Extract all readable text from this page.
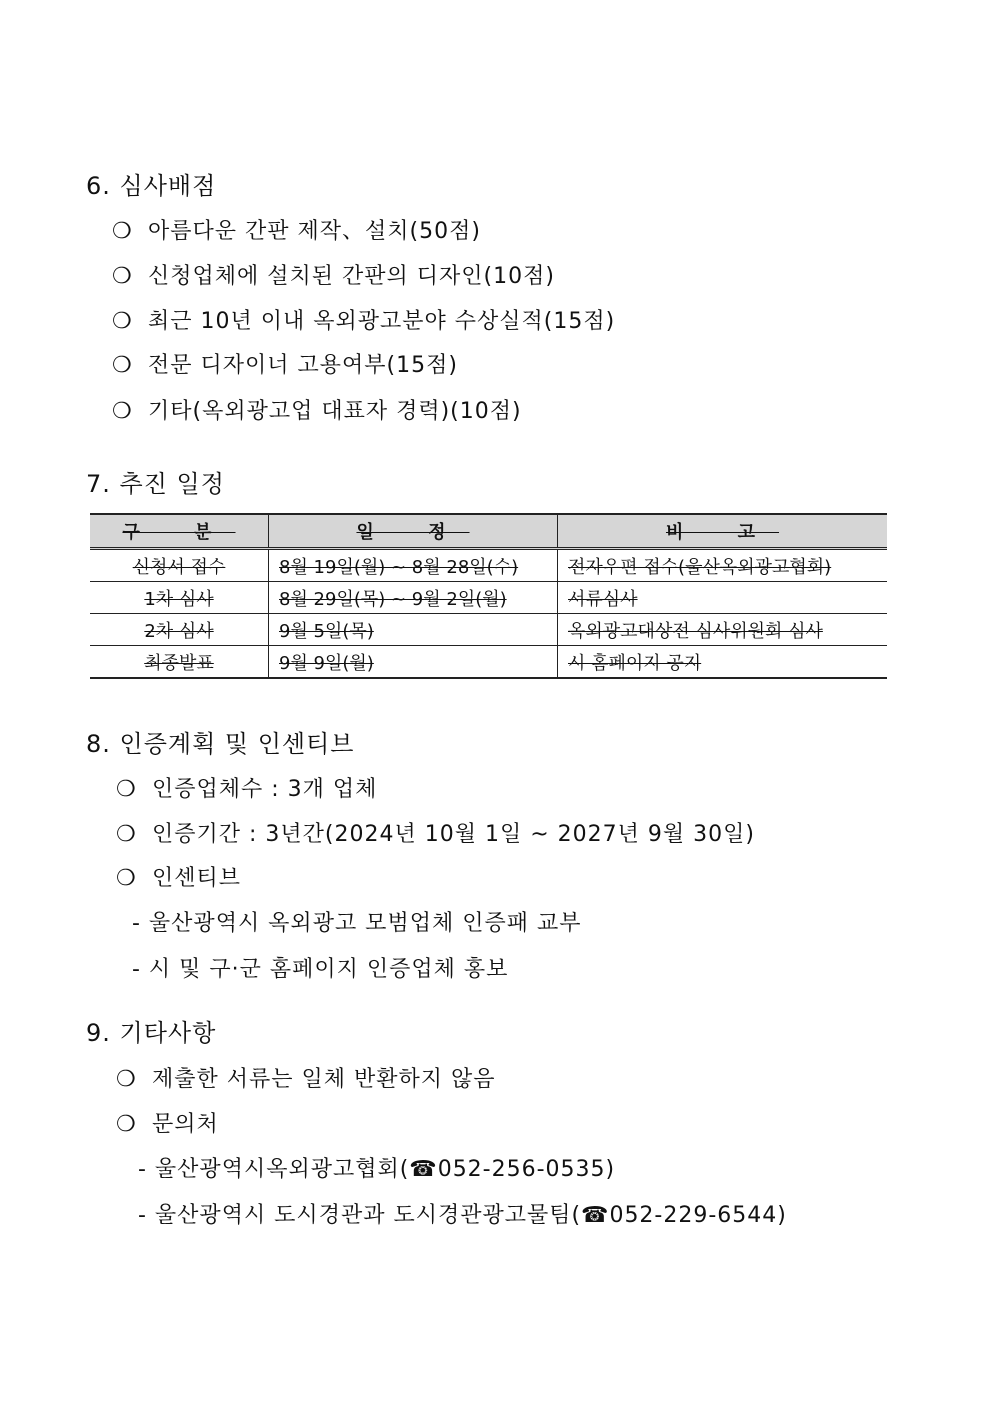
6. 심사배점
❍ 아름다운 간판 제작、설치(50점)
❍ 신청업체에 설치된 간판의 디자인(10점)
❍ 최근 10년 이내 옥외광고분야 수상실적(15점)
❍ 전문 디자이너 고용여부(15점)
❍ 기타(옥외광고업 대표자 경력)(10점)
7. 추진 일정
구 분	일 정	비 고
신청서 접수	8월 19일(월) ~ 8월 28일(수)	전자우편 접수(울산옥외광고협회)
1차 심사	8월 29일(목) ~ 9월 2일(월)	서류심사
2차 심사	9월 5일(목)	옥외광고대상전 심사위원회 심사
최종발표	9월 9일(월)	시 홈페이지 공지
8. 인증계획 및 인센티브
❍ 인증업체수 : 3개 업체
❍ 인증기간 : 3년간(2024년 10월 1일 ~ 2027년 9월 30일)
❍ 인센티브
- 울산광역시 옥외광고 모범업체 인증패 교부
- 시 및 구·군 홈페이지 인증업체 홍보
9. 기타사항
❍ 제출한 서류는 일체 반환하지 않음
❍ 문의처
- 울산광역시옥외광고협회(☎052-256-0535)
- 울산광역시 도시경관과 도시경관광고물팀(☎052-229-6544)
